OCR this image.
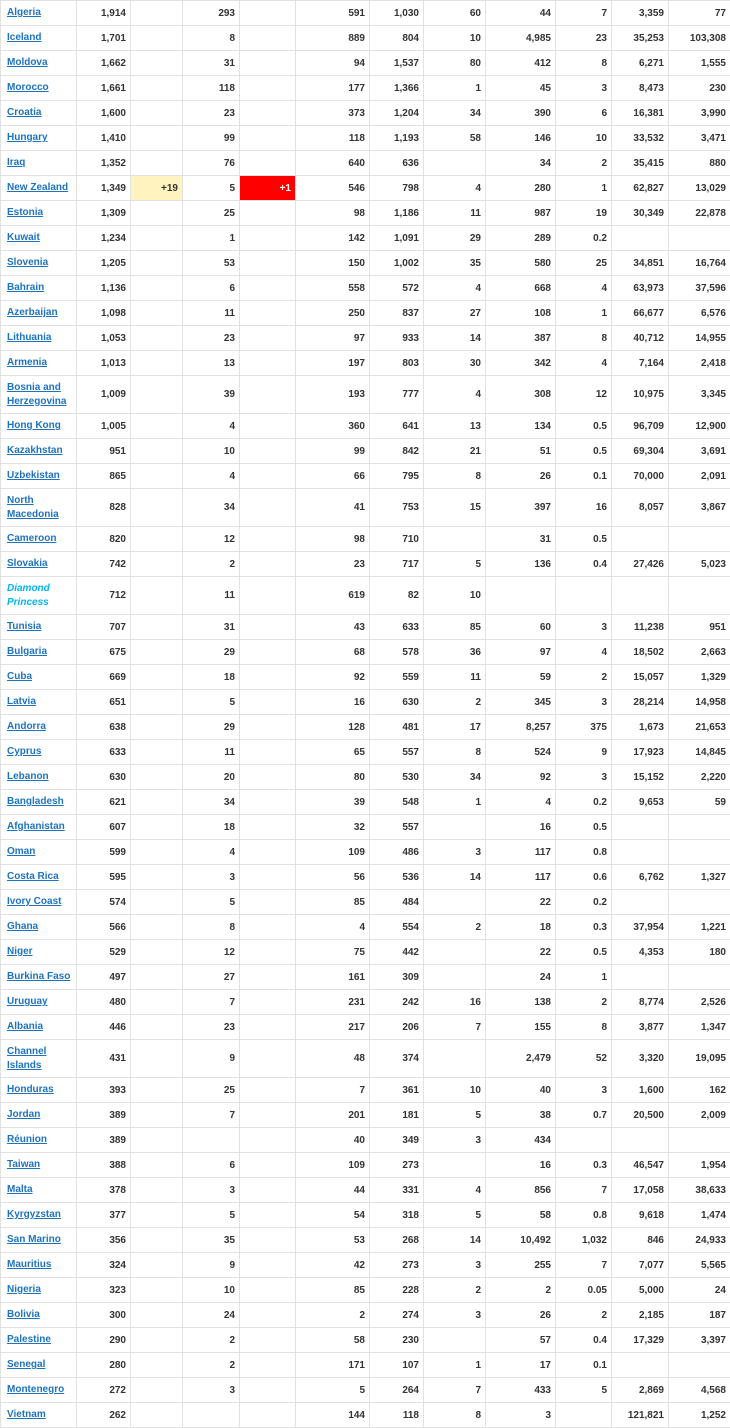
Algeria	1,914		293		591	1,030	60	44	7	3,359	77
Iceland	1,701		8		889	804	10	4,985	23	35,253	103,308
Moldova	1,662		31		94	1,537	80	412	8	6,271	1,555
Morocco	1,661		118		177	1,366	1	45	3	8,473	230
Croatia	1,600		23		373	1,204	34	390	6	16,381	3,990
Hungary	1,410		99		118	1,193	58	146	10	33,532	3,471
Iraq	1,352		76		640	636		34	2	35,415	880
New Zealand	1,349	+19	5	+1	546	798	4	280	1	62,827	13,029
Estonia	1,309		25		98	1,186	11	987	19	30,349	22,878
Kuwait	1,234		1		142	1,091	29	289	0.2		
Slovenia	1,205		53		150	1,002	35	580	25	34,851	16,764
Bahrain	1,136		6		558	572	4	668	4	63,973	37,596
Azerbaijan	1,098		11		250	837	27	108	1	66,677	6,576
Lithuania	1,053		23		97	933	14	387	8	40,712	14,955
Armenia	1,013		13		197	803	30	342	4	7,164	2,418
Bosnia and Herzegovina	1,009		39		193	777	4	308	12	10,975	3,345
Hong Kong	1,005		4		360	641	13	134	0.5	96,709	12,900
Kazakhstan	951		10		99	842	21	51	0.5	69,304	3,691
Uzbekistan	865		4		66	795	8	26	0.1	70,000	2,091
North Macedonia	828		34		41	753	15	397	16	8,057	3,867
Cameroon	820		12		98	710		31	0.5		
Slovakia	742		2		23	717	5	136	0.4	27,426	5,023
Diamond Princess	712		11		619	82	10				
Tunisia	707		31		43	633	85	60	3	11,238	951
Bulgaria	675		29		68	578	36	97	4	18,502	2,663
Cuba	669		18		92	559	11	59	2	15,057	1,329
Latvia	651		5		16	630	2	345	3	28,214	14,958
Andorra	638		29		128	481	17	8,257	375	1,673	21,653
Cyprus	633		11		65	557	8	524	9	17,923	14,845
Lebanon	630		20		80	530	34	92	3	15,152	2,220
Bangladesh	621		34		39	548	1	4	0.2	9,653	59
Afghanistan	607		18		32	557		16	0.5		
Oman	599		4		109	486	3	117	0.8		
Costa Rica	595		3		56	536	14	117	0.6	6,762	1,327
Ivory Coast	574		5		85	484		22	0.2		
Ghana	566		8		4	554	2	18	0.3	37,954	1,221
Niger	529		12		75	442		22	0.5	4,353	180
Burkina Faso	497		27		161	309		24	1		
Uruguay	480		7		231	242	16	138	2	8,774	2,526
Albania	446		23		217	206	7	155	8	3,877	1,347
Channel Islands	431		9		48	374		2,479	52	3,320	19,095
Honduras	393		25		7	361	10	40	3	1,600	162
Jordan	389		7		201	181	5	38	0.7	20,500	2,009
Réunion	389				40	349	3	434			
Taiwan	388		6		109	273		16	0.3	46,547	1,954
Malta	378		3		44	331	4	856	7	17,058	38,633
Kyrgyzstan	377		5		54	318	5	58	0.8	9,618	1,474
San Marino	356		35		53	268	14	10,492	1,032	846	24,933
Mauritius	324		9		42	273	3	255	7	7,077	5,565
Nigeria	323		10		85	228	2	2	0.05	5,000	24
Bolivia	300		24		2	274	3	26	2	2,185	187
Palestine	290		2		58	230		57	0.4	17,329	3,397
Senegal	280		2		171	107	1	17	0.1		
Montenegro	272		3		5	264	7	433	5	2,869	4,568
Vietnam	262				144	118	8	3		121,821	1,252
